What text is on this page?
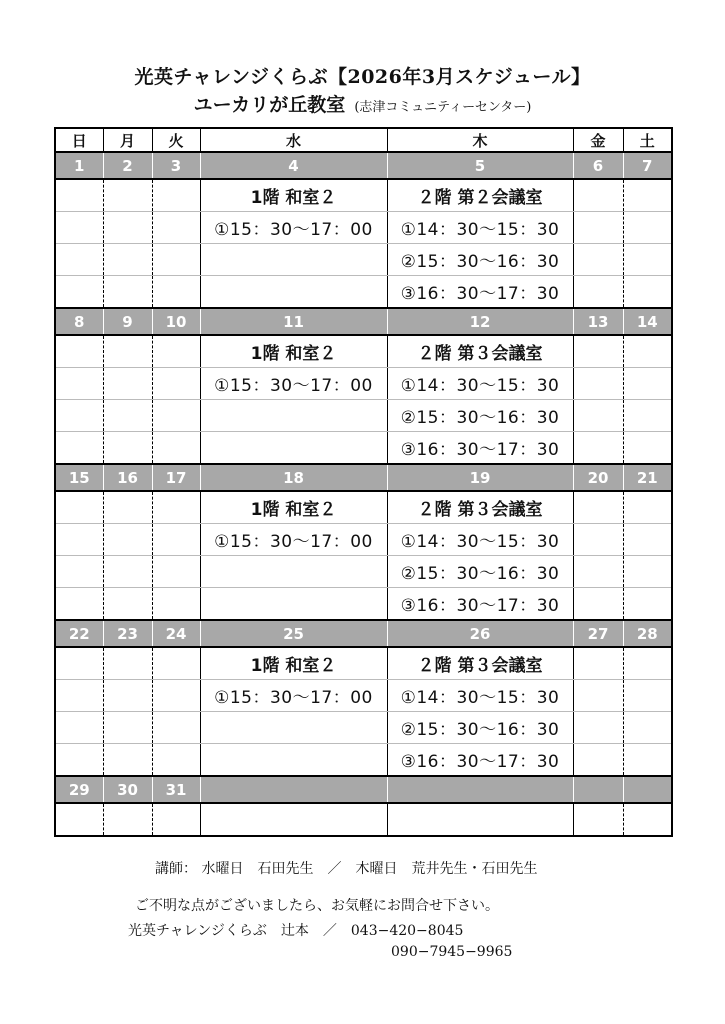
光英チャレンジくらぶ【2026年3月スケジュール】
ユーカリが丘教室 (志津コミュニティーセンター)
日	月	火	水	木	金	土
1	2	3	4	5	6	7
			1階 和室２	２階 第２会議室		
			①15：30〜17：00	①14：30〜15：30		
				②15：30〜16：30		
				③16：30〜17：30		
8	9	10	11	12	13	14
			1階 和室２	２階 第３会議室		
			①15：30〜17：00	①14：30〜15：30		
				②15：30〜16：30		
				③16：30〜17：30		
15	16	17	18	19	20	21
			1階 和室２	２階 第３会議室		
			①15：30〜17：00	①14：30〜15：30		
				②15：30〜16：30		
				③16：30〜17：30		
22	23	24	25	26	27	28
			1階 和室２	２階 第３会議室		
			①15：30〜17：00	①14：30〜15：30		
				②15：30〜16：30		
				③16：30〜17：30		
29	30	31				

講師： 水曜日　石田先生　／　木曜日　荒井先生・石田先生
ご不明な点がございましたら、お気軽にお問合せ下さい。
光英チャレンジくらぶ　辻本　／　043−420−8045
090−7945−9965
